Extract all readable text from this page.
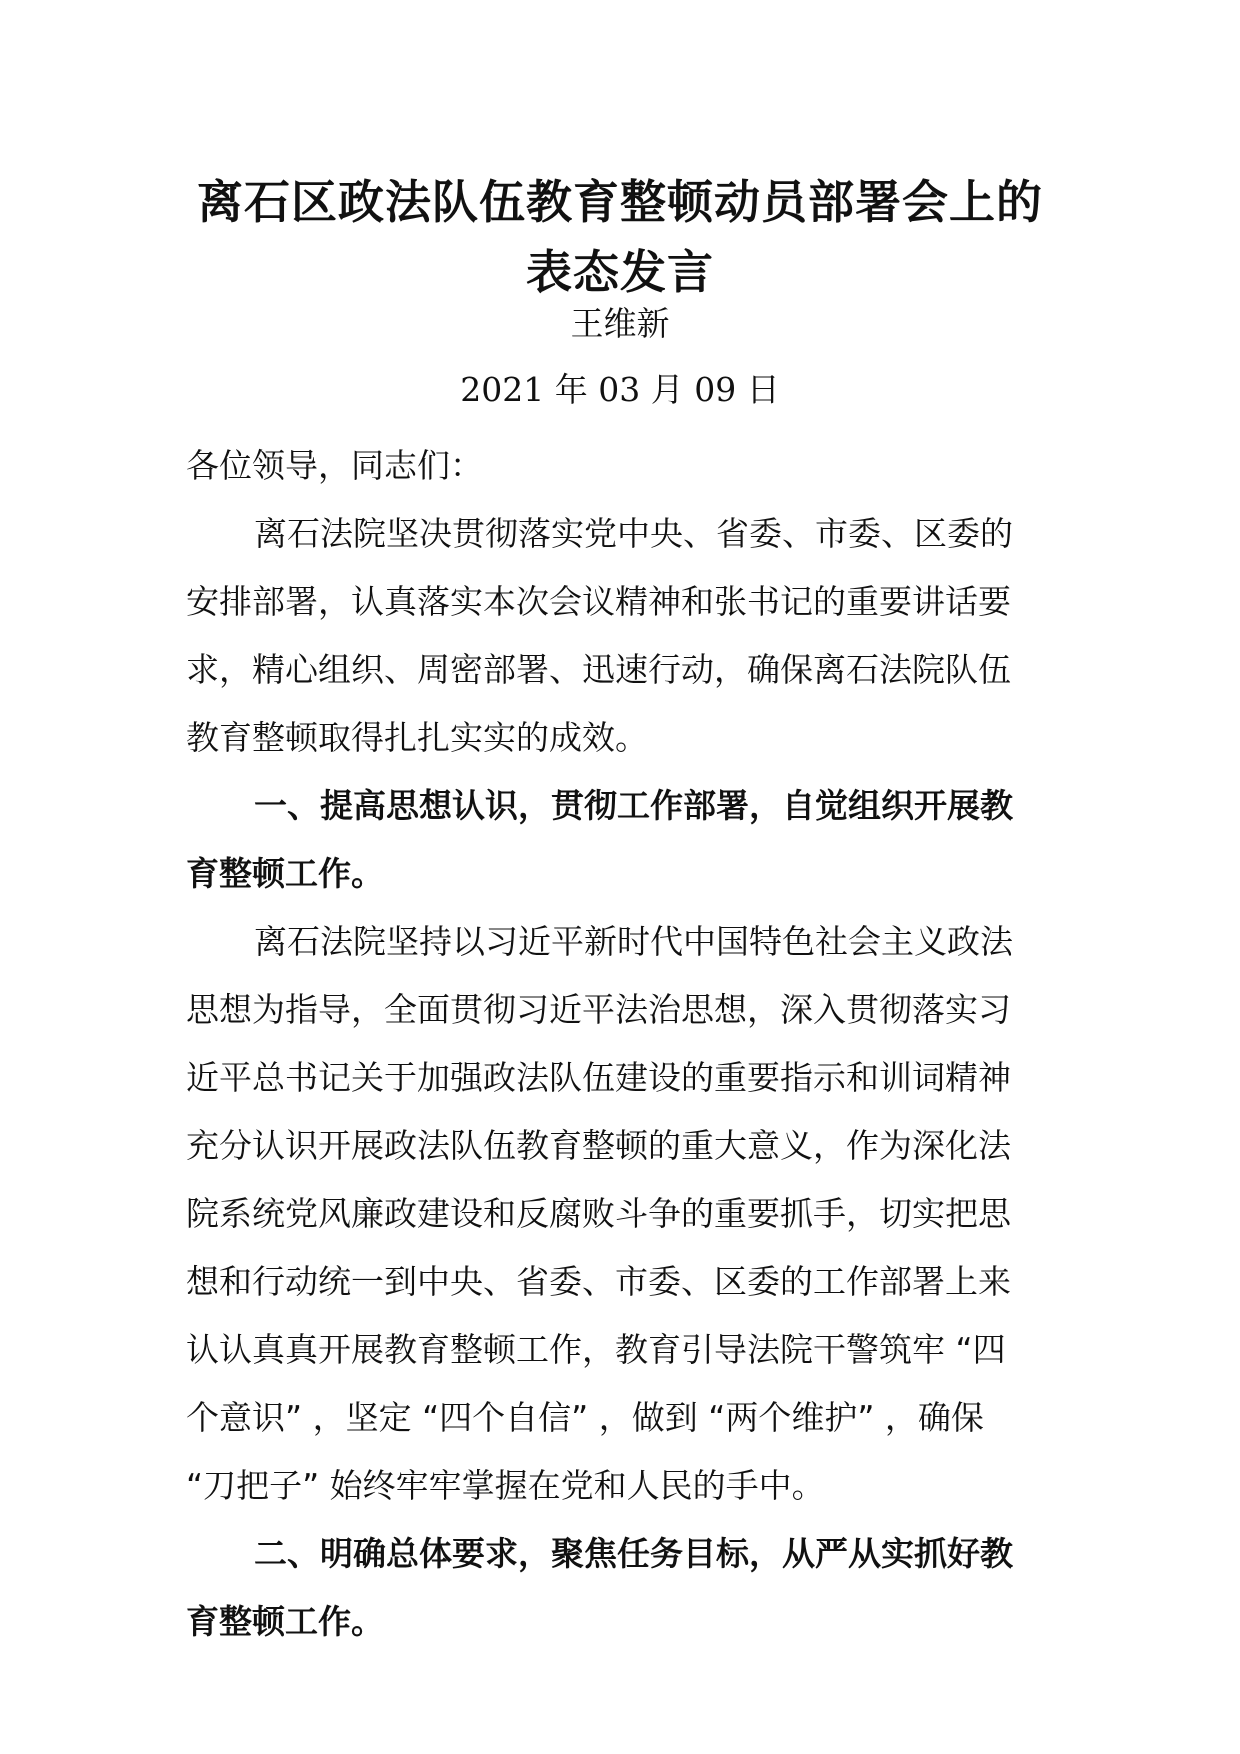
离石区政法队伍教育整顿动员部署会上的
表态发言
王维新
2021 年 03 月 09 日
各位领导，同志们：
离石法院坚决贯彻落实党中央、省委、市委、区委的
安排部署，认真落实本次会议精神和张书记的重要讲话要
求，精心组织、周密部署、迅速行动，确保离石法院队伍
教育整顿取得扎扎实实的成效。
一、提高思想认识，贯彻工作部署，自觉组织开展教
育整顿工作。
离石法院坚持以习近平新时代中国特色社会主义政法
思想为指导，全面贯彻习近平法治思想，深入贯彻落实习
近平总书记关于加强政法队伍建设的重要指示和训词精神
充分认识开展政法队伍教育整顿的重大意义，作为深化法
院系统党风廉政建设和反腐败斗争的重要抓手，切实把思
想和行动统一到中央、省委、市委、区委的工作部署上来
认认真真开展教育整顿工作，教育引导法院干警筑牢 “四
个意识” ，坚定 “四个自信” ，做到 “两个维护” ，确保
“刀把子” 始终牢牢掌握在党和人民的手中。
二、明确总体要求，聚焦任务目标，从严从实抓好教
育整顿工作。
